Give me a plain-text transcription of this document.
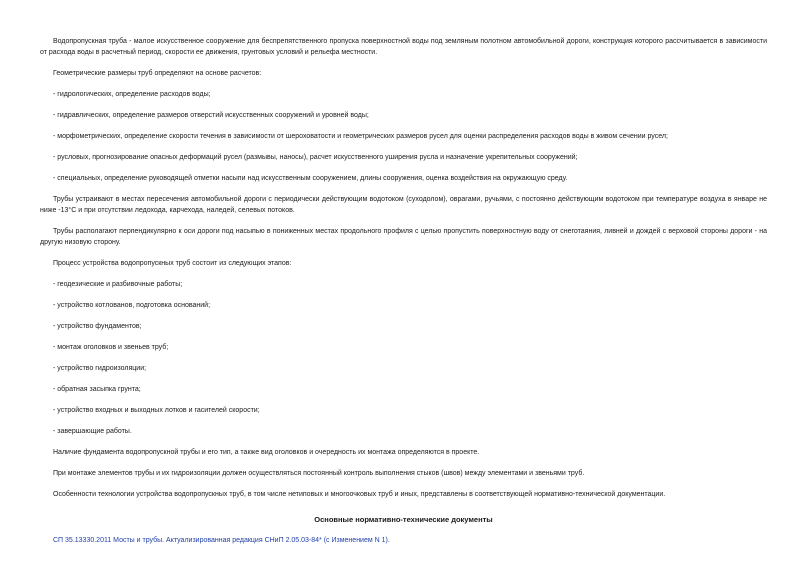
Водопропускная труба - малое искусственное сооружение для беспрепятственного пропуска поверхностной воды под земляным полотном автомобильной дороги, конструкция которого рассчитывается в зависимости от расхода воды в расчетный период, скорости ее движения, грунтовых условий и рельефа местности.

Геометрические размеры труб определяют на основе расчетов:

- гидрологических, определение расходов воды;

- гидравлических, определение размеров отверстий искусственных сооружений и уровней воды;

- морфометрических, определение скорости течения в зависимости от шероховатости и геометрических размеров русел для оценки распределения расходов воды в живом сечении русел;

- русловых, прогнозирование опасных деформаций русел (размывы, наносы), расчет искусственного уширения русла и назначение укрепительных сооружений;

- специальных, определение руководящей отметки насыпи над искусственным сооружением, длины сооружения, оценка воздействия на окружающую среду.

Трубы устраивают в местах пересечения автомобильной дороги с периодически действующим водотоком (суходолом), оврагами, ручьями, с постоянно действующим водотоком при температуре воздуха в январе не ниже -13°С и при отсутствии ледохода, карчехода, наледей, селевых потоков.

Трубы располагают перпендикулярно к оси дороги под насыпью в пониженных местах продольного профиля с целью пропустить поверхностную воду от снеготаяния, ливней и дождей с верховой стороны дороги - на другую низовую сторону.

Процесс устройства водопропускных труб состоит из следующих этапов:

- геодезические и разбивочные работы;

- устройство котлованов, подготовка оснований;

- устройство фундаментов;

- монтаж оголовков и звеньев труб;

- устройство гидроизоляции;

- обратная засыпка грунта;

- устройство входных и выходных лотков и гасителей скорости;

- завершающие работы.

Наличие фундамента водопропускной трубы и его тип, а также вид оголовков и очередность их монтажа определяются в проекте.

При монтаже элементов трубы и их гидроизоляции должен осуществляться постоянный контроль выполнения стыков (швов) между элементами и звеньями труб.

Особенности технологии устройства водопропускных труб, в том числе нетиповых и многоочковых труб и иных, представлены в соответствующей нормативно-технической документации.

Основные нормативно-технические документы

СП 35.13330.2011 Мосты и трубы. Актуализированная редакция СНиП 2.05.03-84* (с Изменением N 1).
